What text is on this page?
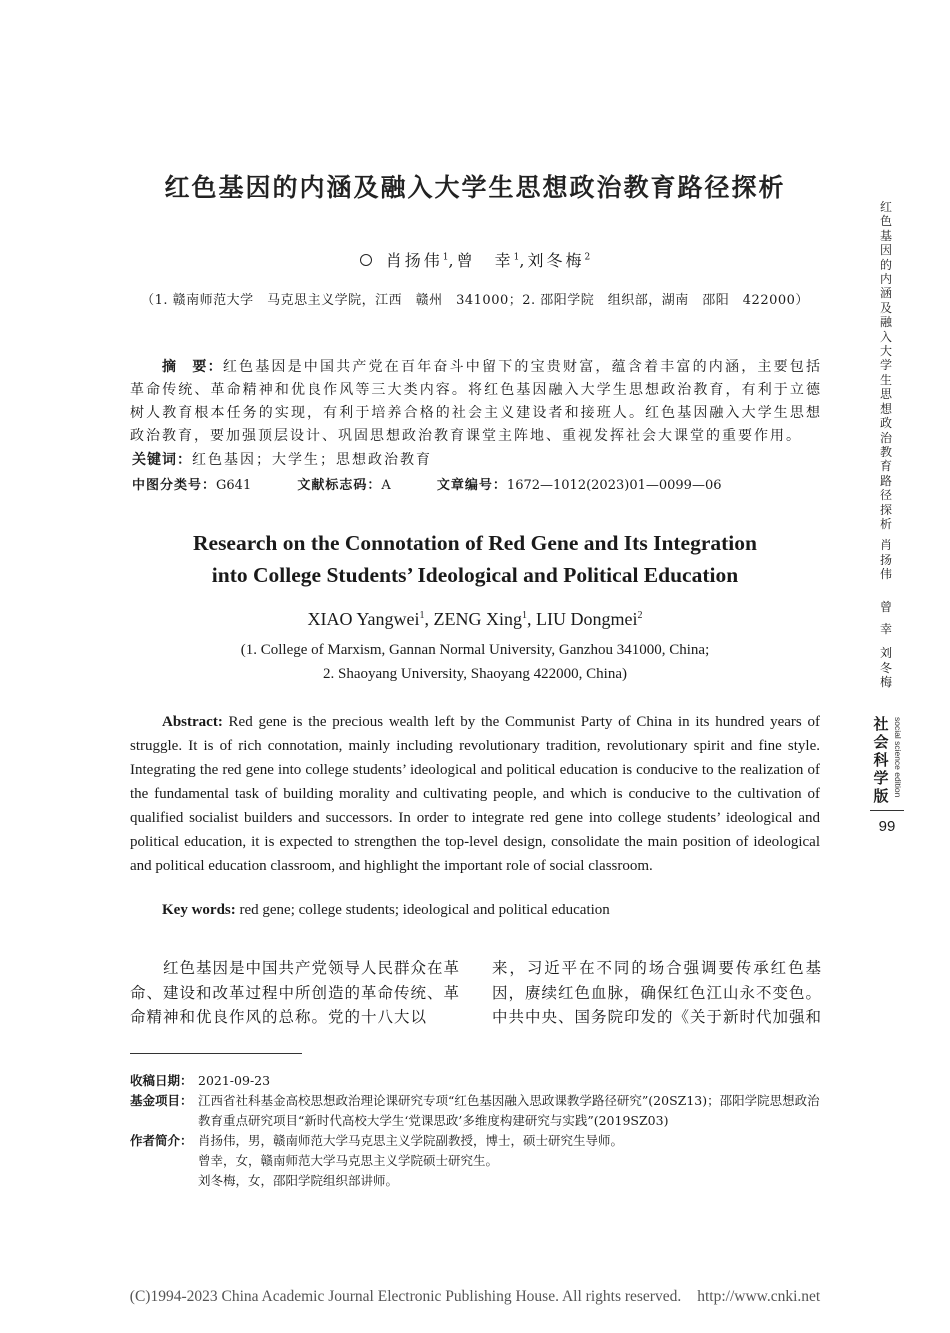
红色基因的内涵及融入大学生思想政治教育路径探析
肖扬伟$^1$,曾　幸$^1$,刘冬梅$^2$
（1. 赣南师范大学　马克思主义学院，江西　赣州　341000；2. 邵阳学院　组织部，湖南　邵阳　422000）
摘　要：红色基因是中国共产党在百年奋斗中留下的宝贵财富，蕴含着丰富的内涵，主要包括革命传统、革命精神和优良作风等三大类内容。将红色基因融入大学生思想政治教育，有利于立德树人教育根本任务的实现，有利于培养合格的社会主义建设者和接班人。红色基因融入大学生思想政治教育，要加强顶层设计、巩固思想政治教育课堂主阵地、重视发挥社会大课堂的重要作用。
关键词：红色基因；大学生；思想政治教育
中图分类号：G641	文献标志码：A	文章编号：1672—1012(2023)01—0099—06
Research on the Connotation of Red Gene and Its Integration
into College Students’ Ideological and Political Education
XIAO Yangwei$^1$, ZENG Xing$^1$, LIU Dongmei$^2$
(1. College of Marxism, Gannan Normal University, Ganzhou 341000, China;
2. Shaoyang University, Shaoyang 422000, China)
Abstract: Red gene is the precious wealth left by the Communist Party of China in its hundred years of struggle. It is of rich connotation, mainly including revolutionary tradition, revolutionary spirit and fine style. Integrating the red gene into college students’ ideological and political education is conducive to the realization of the fundamental task of building morality and cultivating people, and which is conducive to the cultivation of qualified socialist builders and successors. In order to integrate red gene into college students’ ideological and political education, it is expected to strengthen the top-level design, consolidate the main position of ideological and political education classroom, and highlight the important role of social classroom.
Key words: red gene; college students; ideological and political education
　　红色基因是中国共产党领导人民群众在革命、建设和改革过程中所创造的革命传统、革命精神和优良作风的总称。党的十八大以
来，习近平在不同的场合强调要传承红色基因，赓续红色血脉，确保红色江山永不变色。中共中央、国务院印发的《关于新时代加强和
收稿日期： 2021-09-23
基金项目： 江西省社科基金高校思想政治理论课研究专项“红色基因融入思政课教学路径研究”(20SZ13)；邵阳学院思想政治教育重点研究项目“新时代高校大学生‘党课思政’多维度构建研究与实践”(2019SZ03)
作者简介： 肖扬伟，男，赣南师范大学马克思主义学院副教授，博士，硕士研究生导师。
曾幸，女，赣南师范大学马克思主义学院硕士研究生。
刘冬梅，女，邵阳学院组织部讲师。
(C)1994-2023 China Academic Journal Electronic Publishing House. All rights reserved. http://www.cnki.net
红
色
基
因
的
内
涵
及
融
入
大
学
生
思
想
政
治
教
育
路
径
探
析
肖
扬
伟
曾
幸
刘
冬
梅
社
会
科
学
版 social science edition
99
